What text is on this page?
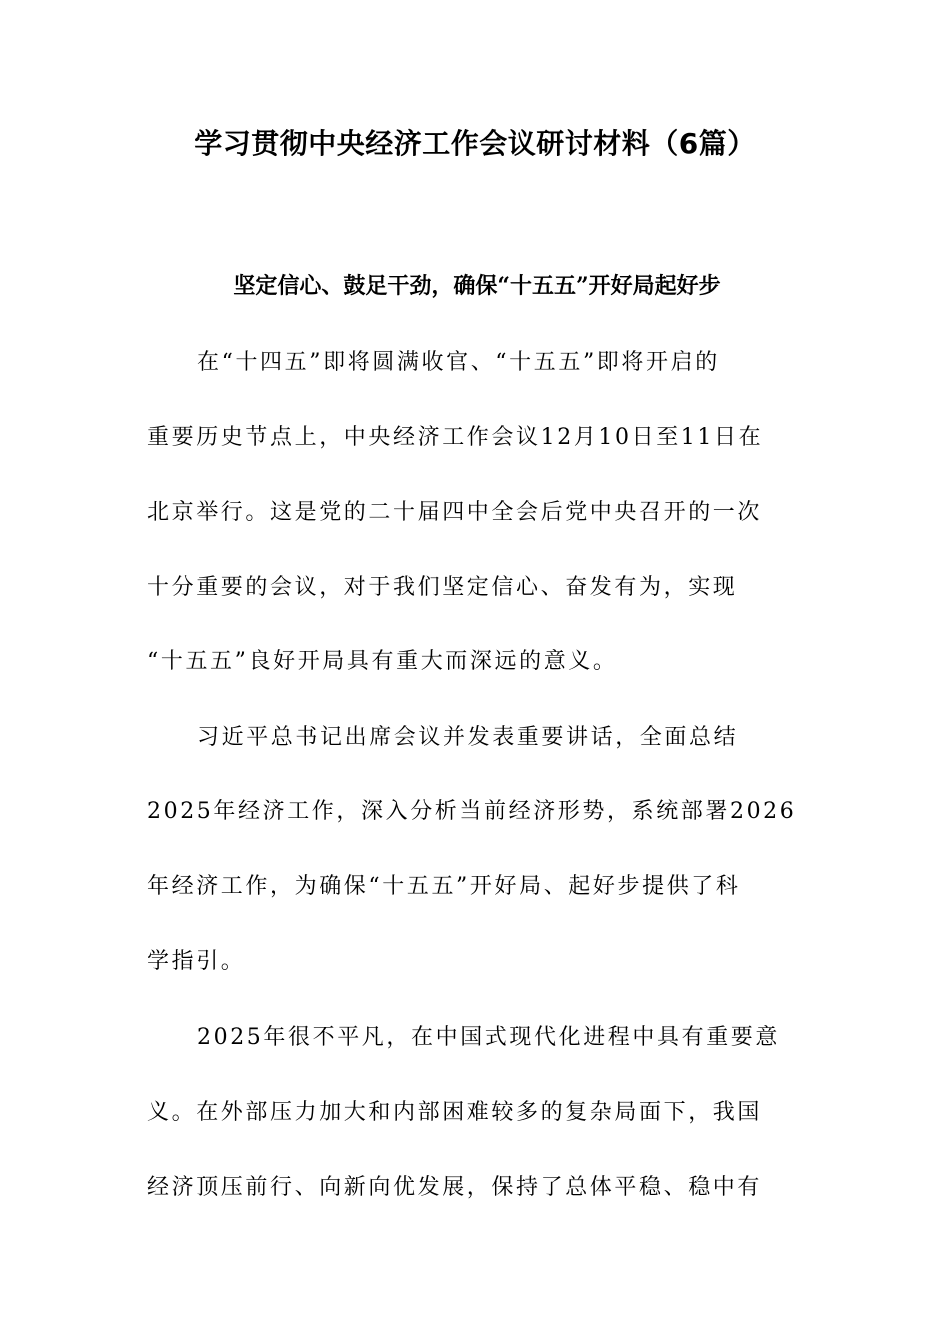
学习贯彻中央经济工作会议研讨材料（6篇）
坚定信心、鼓足干劲，确保“十五五”开好局起好步
在“十四五”即将圆满收官、“十五五”即将开启的
重要历史节点上，中央经济工作会议12月10日至11日在
北京举行。这是党的二十届四中全会后党中央召开的一次
十分重要的会议，对于我们坚定信心、奋发有为，实现
“十五五”良好开局具有重大而深远的意义。
习近平总书记出席会议并发表重要讲话，全面总结
2025年经济工作，深入分析当前经济形势，系统部署2026
年经济工作，为确保“十五五”开好局、起好步提供了科
学指引。
2025年很不平凡，在中国式现代化进程中具有重要意
义。在外部压力加大和内部困难较多的复杂局面下，我国
经济顶压前行、向新向优发展，保持了总体平稳、稳中有
